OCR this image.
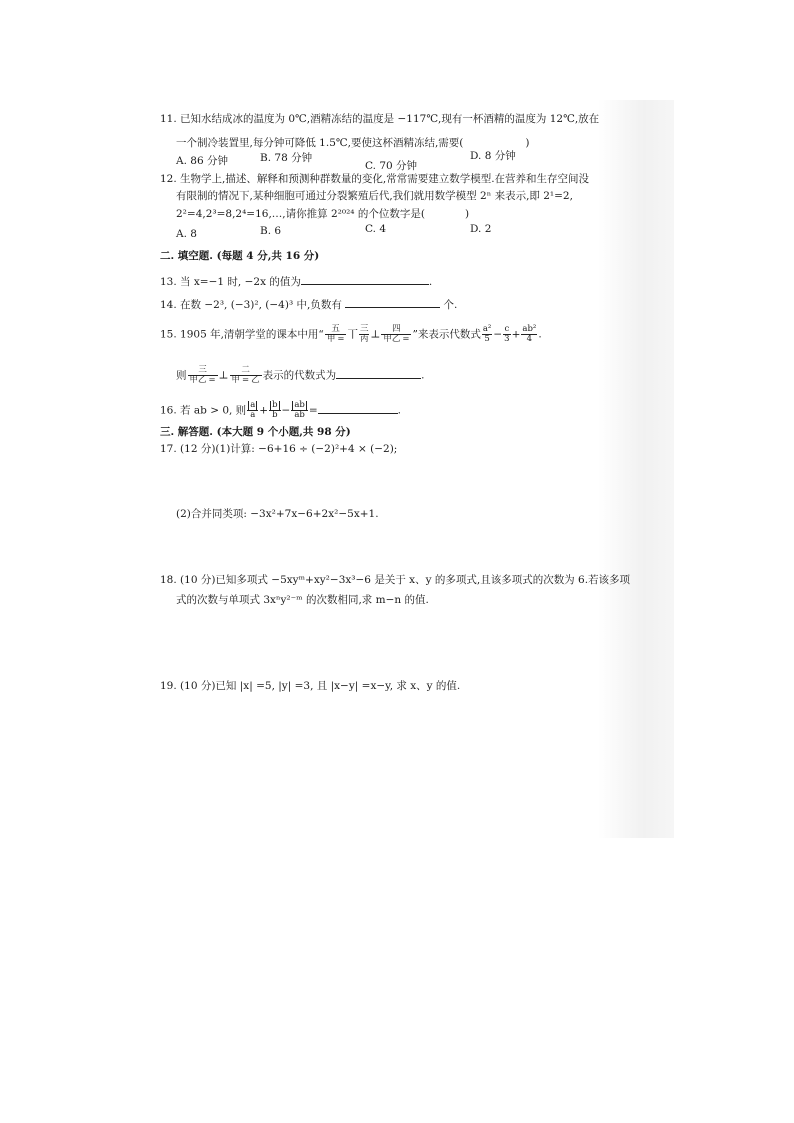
11. 已知水结成冰的温度为 0℃,酒精冻结的温度是 −117℃,现有一杯酒精的温度为 12℃,放在
一个制冷装置里,每分钟可降低 1.5℃,要使这杯酒精冻结,需要(	)
A. 86 分钟	B. 78 分钟
C. 70 分钟
D. 8 分钟
12. 生物学上,描述、解释和预测种群数量的变化,常常需要建立数学模型.在营养和生存空间没
有限制的情况下,某种细胞可通过分裂繁殖后代,我们就用数学模型 2ⁿ 来表示,即 2¹=2,
2²=4,2³=8,2⁴=16,…,请你推算 2²⁰²⁴ 的个位数字是(	)
A. 8	B. 6	C. 4	D. 2
二. 填空题. (每题 4 分,共 16 分)
13. 当 x=−1 时, −2x 的值为	.
14. 在数 −2³, (−3)², (−4)³ 中,负数有	个.
15. 1905 年,清朝学堂的课本中用“ $\frac{\text{五}}{\text{甲 =}}$ 丅 $\frac{\text{三}}{\text{丙}}$ ⊥ $\frac{\text{四}}{\text{甲乙 =}}$ ”来表示代数式 $\frac{\text{a²}}{5} - \frac{c}{3} + \frac{\text{ab²}}{4}$ .
则 $\frac{\text{三}}{\text{甲乙 =}}$ ⊥ $\frac{\text{二}}{\text{甲 = 乙}}$ 表示的代数式为	.
16. 若 ab > 0, 则 $\frac{a}{a} + \frac{b}{b} - \frac{ab}{ab}$ =	.
三. 解答题. (本大题 9 个小题,共 98 分)
17. (12 分)(1)计算: −6+16 ÷ (−2)²+4 × (−2);
(2)合并同类项: −3x²+7x−6+2x²−5x+1.
18. (10 分)已知多项式 −5xyᵐ+xy²−3x³−6 是关于 x、y 的多项式,且该多项式的次数为 6.若该多项
式的次数与单项式 3xⁿy²⁻ᵐ 的次数相同,求 m−n 的值.
19. (10 分)已知 |x| =5, |y| =3, 且 |x−y| =x−y, 求 x、y 的值.
